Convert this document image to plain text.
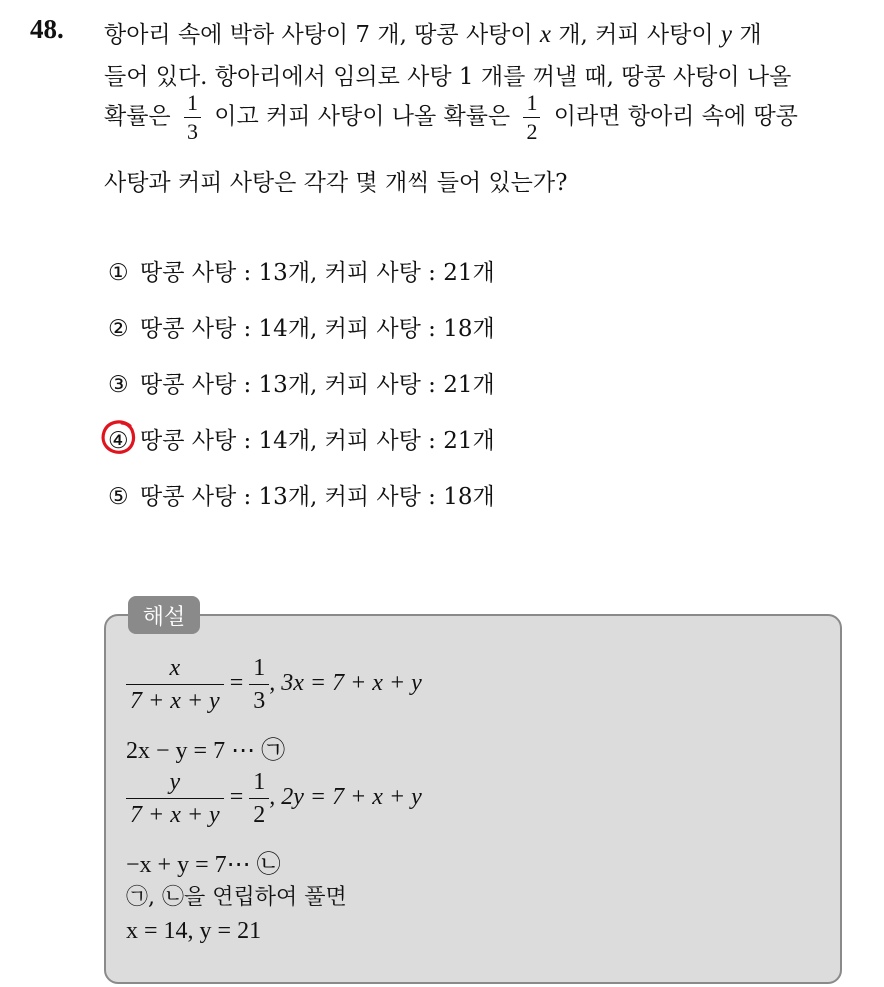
48. 항아리 속에 박하 사탕이 7 개, 땅콩 사탕이 x 개, 커피 사탕이 y 개
들어 있다. 항아리에서 임의로 사탕 1 개를 꺼낼 때, 땅콩 사탕이 나올
확률은 $\frac{1}{3}$ 이고 커피 사탕이 나올 확률은 $\frac{1}{2}$ 이라면 항아리 속에 땅콩
사탕과 커피 사탕은 각각 몇 개씩 들어 있는가?
① 땅콩 사탕 : 13개, 커피 사탕 : 21개
② 땅콩 사탕 : 14개, 커피 사탕 : 18개
③ 땅콩 사탕 : 13개, 커피 사탕 : 21개
④ 땅콩 사탕 : 14개, 커피 사탕 : 21개
⑤ 땅콩 사탕 : 13개, 커피 사탕 : 18개
해설
$\frac{x}{7 + x + y} = \frac{1}{3}$ , 3x = 7 + x + y
2x − y = 7 ⋯ ㉠
$\frac{y}{7 + x + y} = \frac{1}{2}$ , 2y = 7 + x + y
−x + y = 7⋯ ㉡
㉠, ㉡을 연립하여 풀면
x = 14, y = 21
